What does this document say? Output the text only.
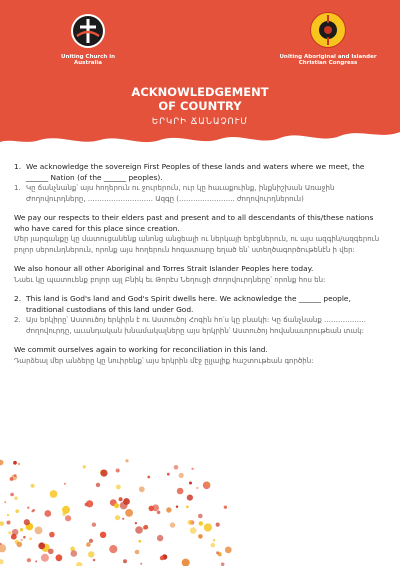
Uniting Church in Australia
Uniting Aboriginal and Islander Christian Congress
ACKNOWLEDGEMENT
OF COUNTRY
ԵՐԿՐԻ ՃԱՆԱՉՈՒՄ
1. We acknowledge the sovereign First Peoples of these lands and waters where we meet, the ______ Nation (of the ______ peoples).

1. Կը ճանչնանք՝ այս հողերուն ու ջուրերուն, ուր կը հաւաքուինք, ինքնիշխան Առաջին Ժողովուրդները, ………………………. Ազգը (…………………... ժողովուրդներուն)

We pay our respects to their elders past and present and to all descendants of this/these nations who have cared for this place since creation.

Մեր յարգանքը կը մատուցանենք անոնց անցեալի ու ներկայի երէցներուն, ու այս ազգին/ազգերուն բոլոր սերունդներուն, որոնք այս հողերուն հոգատարը եղած են՝ ստեղծագործութենէն ի վեր:

We also honour all other Aboriginal and Torres Strait Islander Peoples here today.

Նաեւ կը պատուենք բոլոր այլ Բնիկ եւ Թորէս Նեղուցի Ժողովուրդները՝ որոնք հոս են:

2. This land is God's land and God's Spirit dwells here. We acknowledge the ______ people, traditional custodians of this land under God.

2. Այս երկիրը՝ Աստուծոյ երկիրն է ու Աստուծոյ Հոգին հո՛ս կը բնակի: Կը ճանչնանք ……………… ժողովուրդը, աւանդական խնամակալները այս երկրին՝ Աստուծոյ հովանաւորութեան տակ:

We commit ourselves again to working for reconciliation in this land.

Դարձեալ մեր անձերը կը նուիրենք՝ այս երկրին մէջ ըլլալիք հաշտութեան գործին:
